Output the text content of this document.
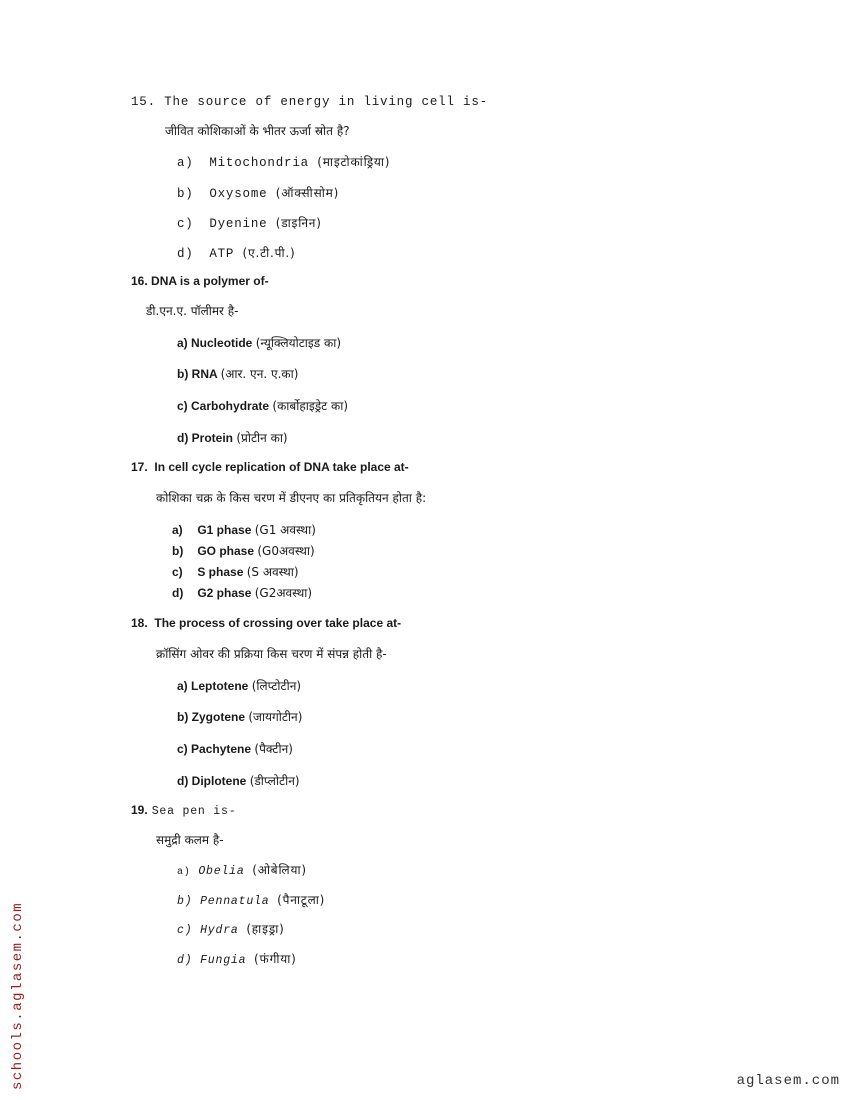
15. The source of energy in living cell is-
जीवित कोशिकाओं के भीतर ऊर्जा स्रोत है?
a) Mitochondria (माइटोकांड्रिया)
b) Oxysome (ऑक्सीसोम)
c) Dyenine (डाइनिन)
d) ATP (ए.टी.पी.)
16. DNA is a polymer of-
डी.एन.ए. पॉलीमर है-
a) Nucleotide (न्यूक्लियोटाइड का)
b) RNA (आर. एन. ए.का)
c) Carbohydrate (कार्बोहाइड्रेट का)
d) Protein (प्रोटीन का)
17. In cell cycle replication of DNA take place at-
कोशिका चक्र के किस चरण में डीएनए का प्रतिकृतियन होता है:
a) G1 phase (G1 अवस्था)
b) GO phase (G0अवस्था)
c) S phase (S अवस्था)
d) G2 phase (G2अवस्था)
18. The process of crossing over take place at-
क्रॉसिंग ओवर की प्रक्रिया किस चरण में संपन्न होती है-
a) Leptotene (लिप्टोटीन)
b) Zygotene (जायगोटीन)
c) Pachytene (पैक्टीन)
d) Diplotene (डीप्लोटीन)
19. Sea pen is-
समुद्री कलम है-
a) Obelia (ओबेलिया)
b) Pennatula (पैनाटूला)
c) Hydra (हाइड्रा)
d) Fungia (फंगीया)
schools.aglasem.com	aglasem.com
